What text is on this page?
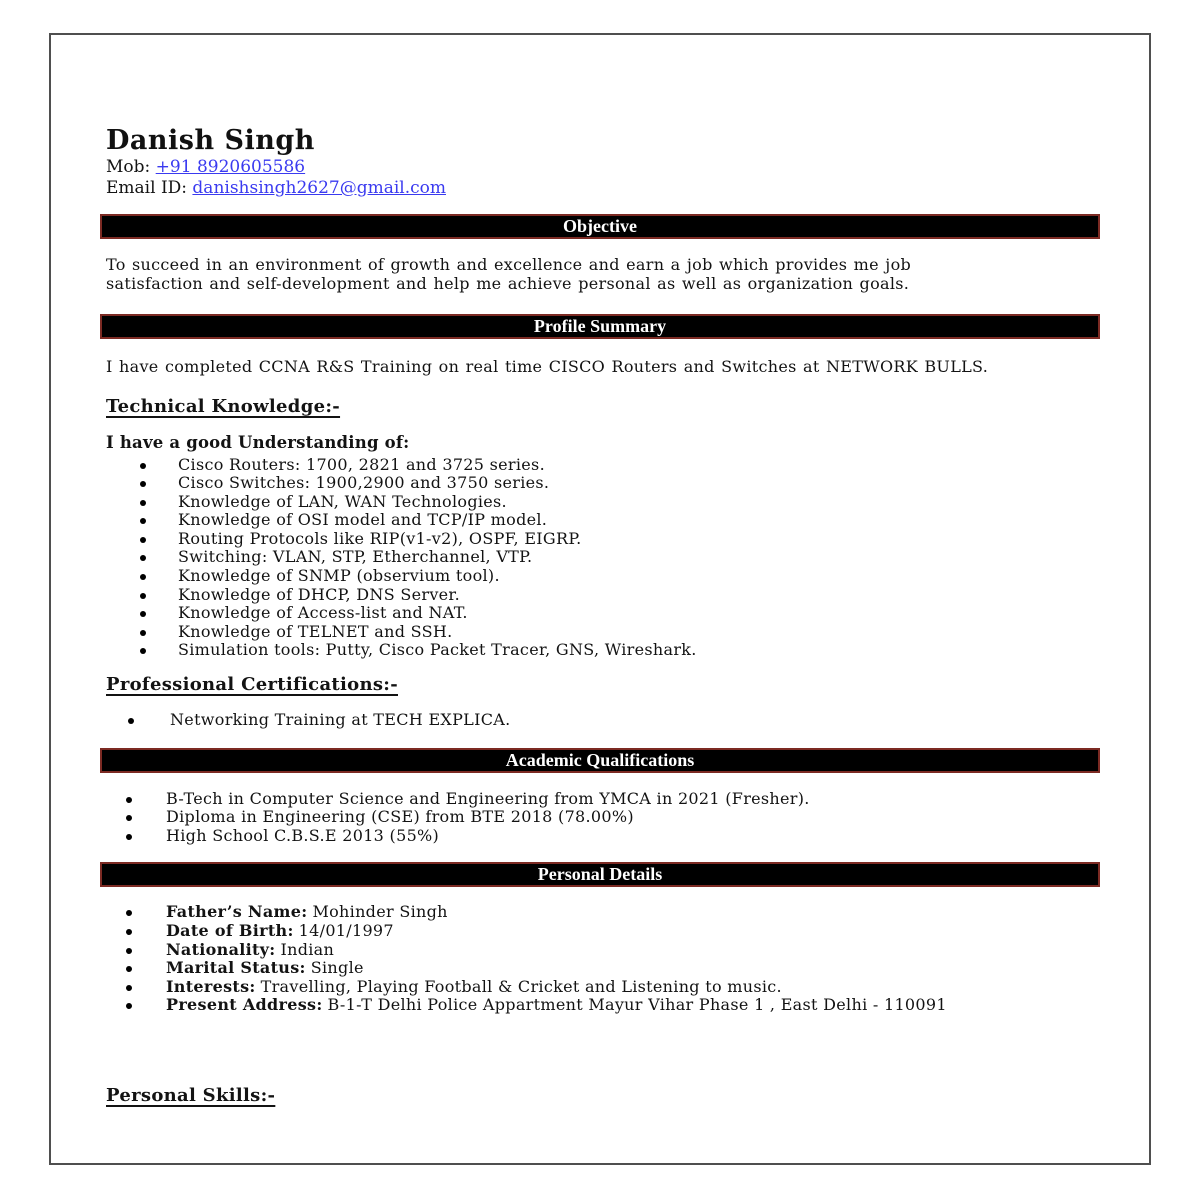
Danish Singh
Mob: +91 8920605586
Email ID: danishsingh2627@gmail.com
Objective
To succeed in an environment of growth and excellence and earn a job which provides me job satisfaction and self-development and help me achieve personal as well as organization goals.
Profile Summary
I have completed CCNA R&S Training on real time CISCO Routers and Switches at NETWORK BULLS.
Technical Knowledge:-
I have a good Understanding of:
Cisco Routers: 1700, 2821 and 3725 series.
Cisco Switches: 1900,2900 and 3750 series.
Knowledge of LAN, WAN Technologies.
Knowledge of OSI model and TCP/IP model.
Routing Protocols like RIP(v1-v2), OSPF, EIGRP.
Switching: VLAN, STP, Etherchannel, VTP.
Knowledge of SNMP (observium tool).
Knowledge of DHCP, DNS Server.
Knowledge of Access-list and NAT.
Knowledge of TELNET and SSH.
Simulation tools: Putty, Cisco Packet Tracer, GNS, Wireshark.
Professional Certifications:-
Networking Training at TECH EXPLICA.
Academic Qualifications
B-Tech in Computer Science and Engineering from YMCA in 2021 (Fresher).
Diploma in Engineering (CSE) from BTE 2018 (78.00%)
High School C.B.S.E 2013 (55%)
Personal Details
Father’s Name: Mohinder Singh
Date of Birth: 14/01/1997
Nationality: Indian
Marital Status: Single
Interests: Travelling, Playing Football & Cricket and Listening to music.
Present Address: B-1-T Delhi Police Appartment Mayur Vihar Phase 1 , East Delhi - 110091
Personal Skills:-
